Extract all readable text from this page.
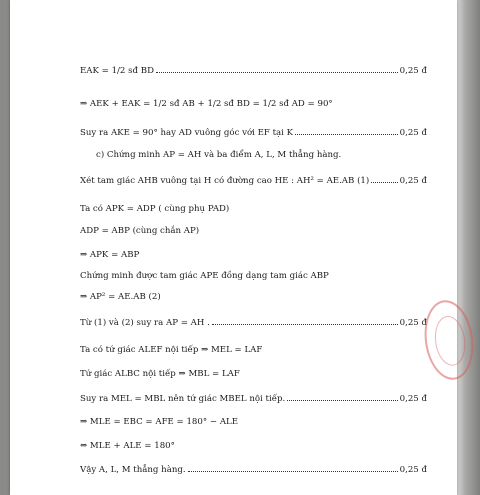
EAK = 1/2 sđ BD	0,25 đ
⇒ AEK + EAK = 1/2 sđ AB + 1/2 sđ BD = 1/2 sđ AD = 90°
Suy ra AKE = 90° hay AD vuông góc với EF tại K	0,25 đ
c) Chứng minh AP = AH và ba điểm A, L, M thẳng hàng.
Xét tam giác AHB vuông tại H có đường cao HE : AH² = AE.AB (1)	0,25 đ
Ta có APK = ADP ( cùng phụ PAD)
ADP = ABP (cùng chắn AP)
⇒ APK = ABP
Chứng minh được tam giác APE đồng dạng tam giác ABP
⇒ AP² = AE.AB (2)
Từ (1) và (2) suy ra AP = AH .	0,25 đ
Ta có tứ giác ALEF nội tiếp ⇒ MEL = LAF
Tứ giác ALBC nội tiếp ⇒ MBL = LAF
Suy ra MEL = MBL nên tứ giác MBEL nội tiếp.	0,25 đ
⇒ MLE = EBC = AFE = 180° − ALE
⇔ MLE + ALE = 180°
Vậy A, L, M thẳng hàng.	0,25 đ
